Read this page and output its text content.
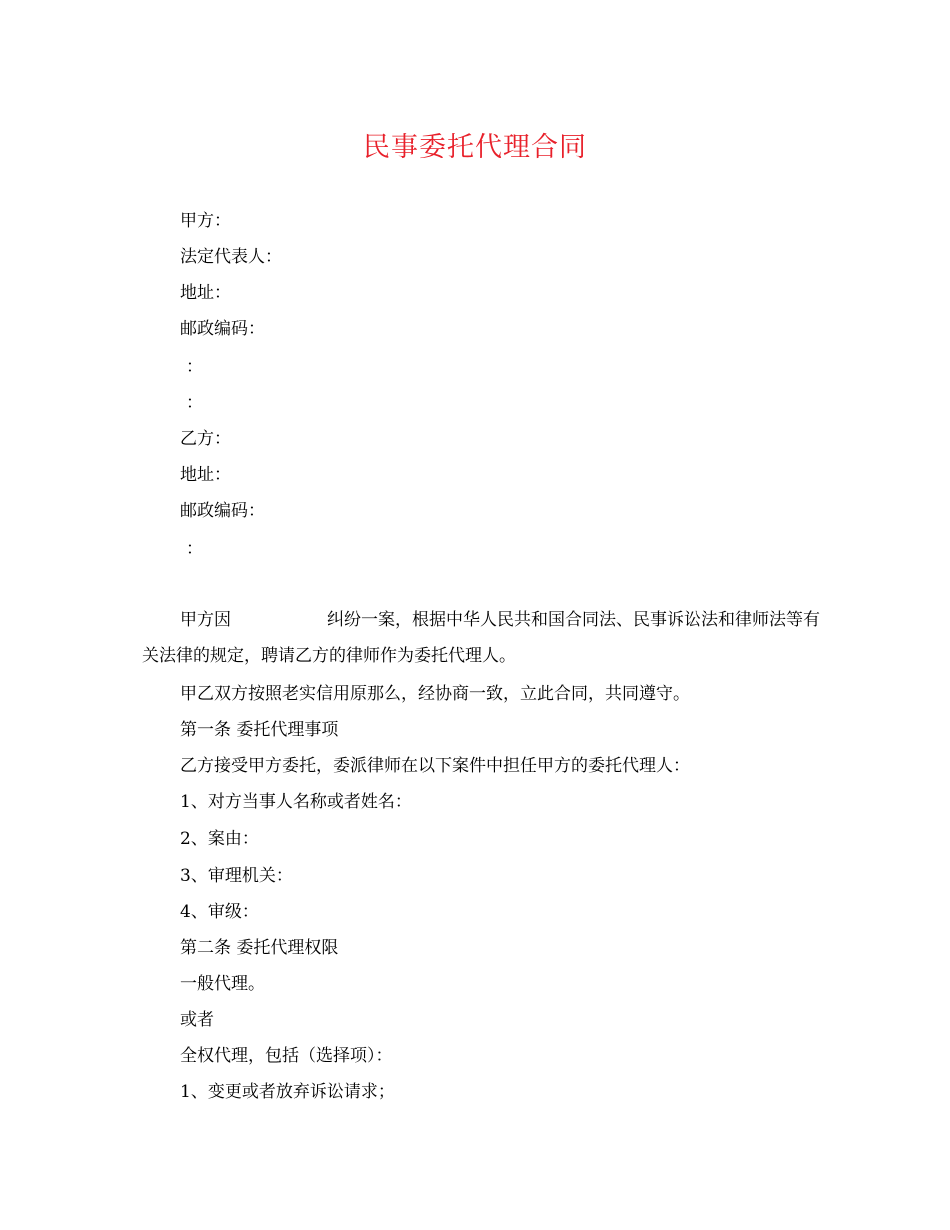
民事委托代理合同

甲方：

法定代表人：

地址：

邮政编码：

：

：

乙方：

地址：

邮政编码：

：

甲方因	纠纷一案，根据中华人民共和国合同法、民事诉讼法和律师法等有关法律的规定，聘请乙方的律师作为委托代理人。

甲乙双方按照老实信用原那么，经协商一致，立此合同，共同遵守。

第一条 委托代理事项

乙方接受甲方委托，委派律师在以下案件中担任甲方的委托代理人：

1、对方当事人名称或者姓名：

2、案由：

3、审理机关：

4、审级：

第二条 委托代理权限

一般代理。

或者

全权代理，包括（选择项）：

1、变更或者放弃诉讼请求；
